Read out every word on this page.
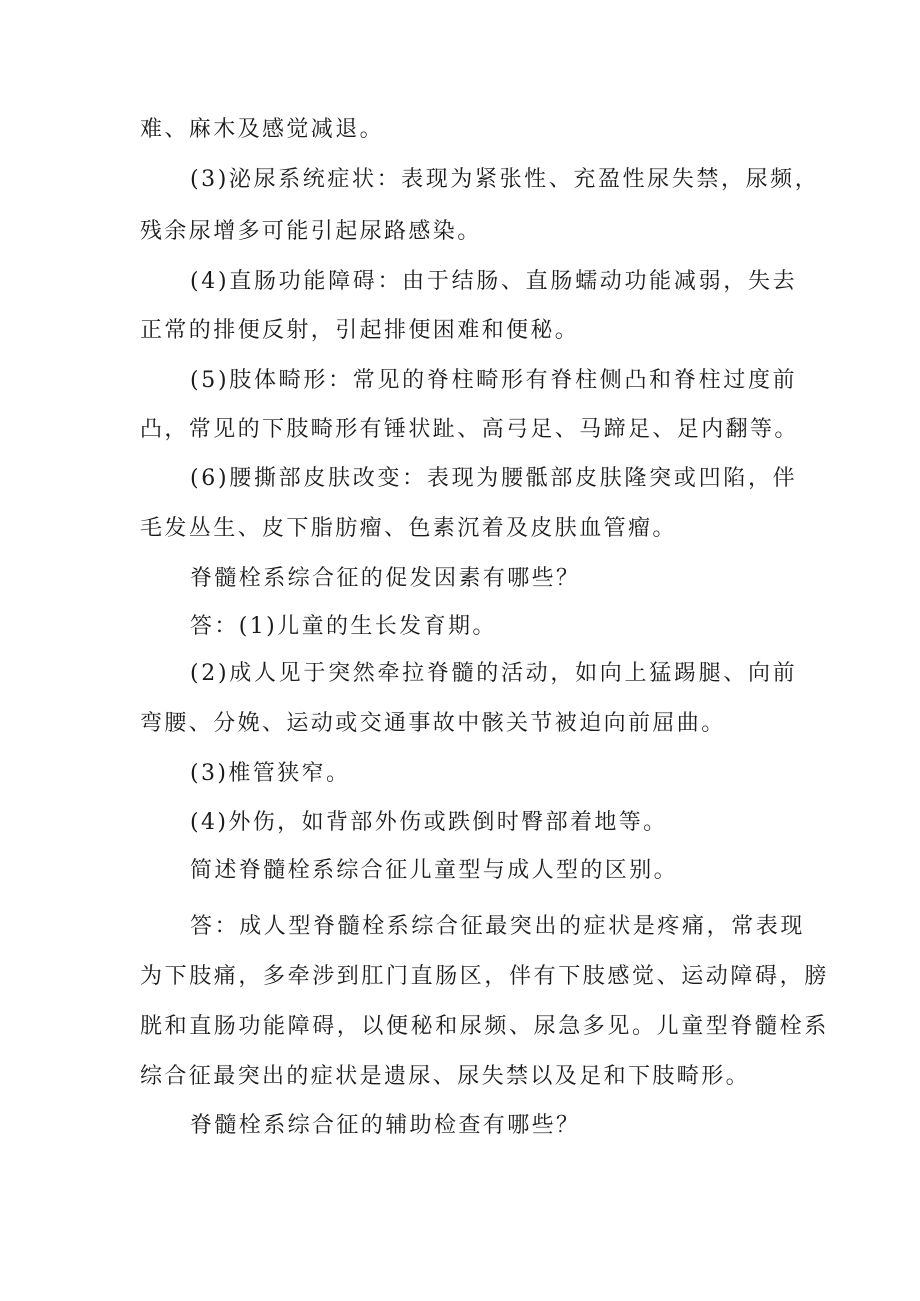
难、麻木及感觉减退。
(3)泌尿系统症状：表现为紧张性、充盈性尿失禁，尿频，
残余尿增多可能引起尿路感染。
(4)直肠功能障碍：由于结肠、直肠蠕动功能减弱，失去
正常的排便反射，引起排便困难和便秘。
(5)肢体畸形：常见的脊柱畸形有脊柱侧凸和脊柱过度前
凸，常见的下肢畸形有锤状趾、高弓足、马蹄足、足内翻等。
(6)腰撕部皮肤改变：表现为腰骶部皮肤隆突或凹陷，伴
毛发丛生、皮下脂肪瘤、色素沉着及皮肤血管瘤。
脊髓栓系综合征的促发因素有哪些？
答：(1)儿童的生长发育期。
(2)成人见于突然牵拉脊髓的活动，如向上猛踢腿、向前
弯腰、分娩、运动或交通事故中骸关节被迫向前屈曲。
(3)椎管狭窄。
(4)外伤，如背部外伤或跌倒时臀部着地等。
简述脊髓栓系综合征儿童型与成人型的区别。
答：成人型脊髓栓系综合征最突出的症状是疼痛，常表现
为下肢痛，多牵涉到肛门直肠区，伴有下肢感觉、运动障碍，膀
胱和直肠功能障碍，以便秘和尿频、尿急多见。儿童型脊髓栓系
综合征最突出的症状是遗尿、尿失禁以及足和下肢畸形。
脊髓栓系综合征的辅助检查有哪些？
